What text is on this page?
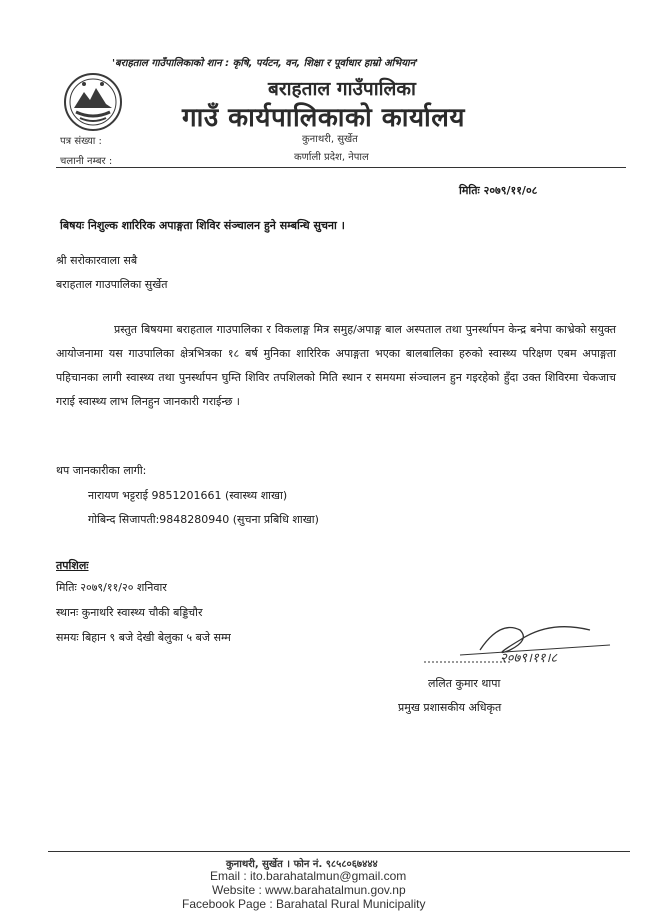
'बराहताल गाउँपालिकाको शान : कृषि, पर्यटन, वन, शिक्षा र पूर्वाधार हाम्रो अभियान'
बराहताल गाउँपालिका
गाउँ कार्यपालिकाको कार्यालय
पत्र संख्या :
चलानी नम्बर :
कुनाथरी, सुर्खेत
कर्णाली प्रदेश, नेपाल
मितिः २०७९/११/०८
बिषयः निशुल्क शारिरिक अपाङ्गता शिविर संञ्चालन हुने सम्बन्धि सुचना ।
श्री सरोकारवाला सबै
बराहताल गाउपालिका सुर्खेत

प्रस्तुत बिषयमा बराहताल गाउपालिका र विकलाङ्ग मित्र समुह/अपाङ्ग बाल अस्पताल तथा पुनर्स्थापन केन्द्र बनेपा काभ्रेको सयुक्त आयोजनामा यस गाउपालिका क्षेत्रभित्रका १८ बर्ष मुनिका शारिरिक अपाङ्गता भएका बालबालिका हरुको स्वास्थ्य परिक्षण एबम अपाङ्गता पहिचानका लागी स्वास्थ्य तथा पुनर्स्थापन घुम्ति शिविर तपशिलको मिति स्थान र समयमा संञ्चालन हुन गइरहेको हुँदा उक्त शिविरमा चेकजाच गराई स्वास्थ्य लाभ लिनहुन जानकारी गराईन्छ ।

थप जानकारीका लागी:
नारायण भट्टराई 9851201661 (स्वास्थ्य शाखा)
गोबिन्द सिजापती:9848280940 (सुचना प्रबिधि शाखा)
तपशिलः
मितिः २०७९/११/२० शनिवार
स्थानः कुनाथरि स्वास्थ्य चौकी बड्डिचौर
समयः बिहान ९ बजे देखी बेलुका ५ बजे सम्म
२०७९।११।८
ललित कुमार थापा
प्रमुख प्रशासकीय अधिकृत
कुनाथरी, सुर्खेत । फोन नं. ९८५८०६७४४४
Email : ito.barahatalmun@gmail.com
Website : www.barahatalmun.gov.np
Facebook Page : Barahatal Rural Municipality
